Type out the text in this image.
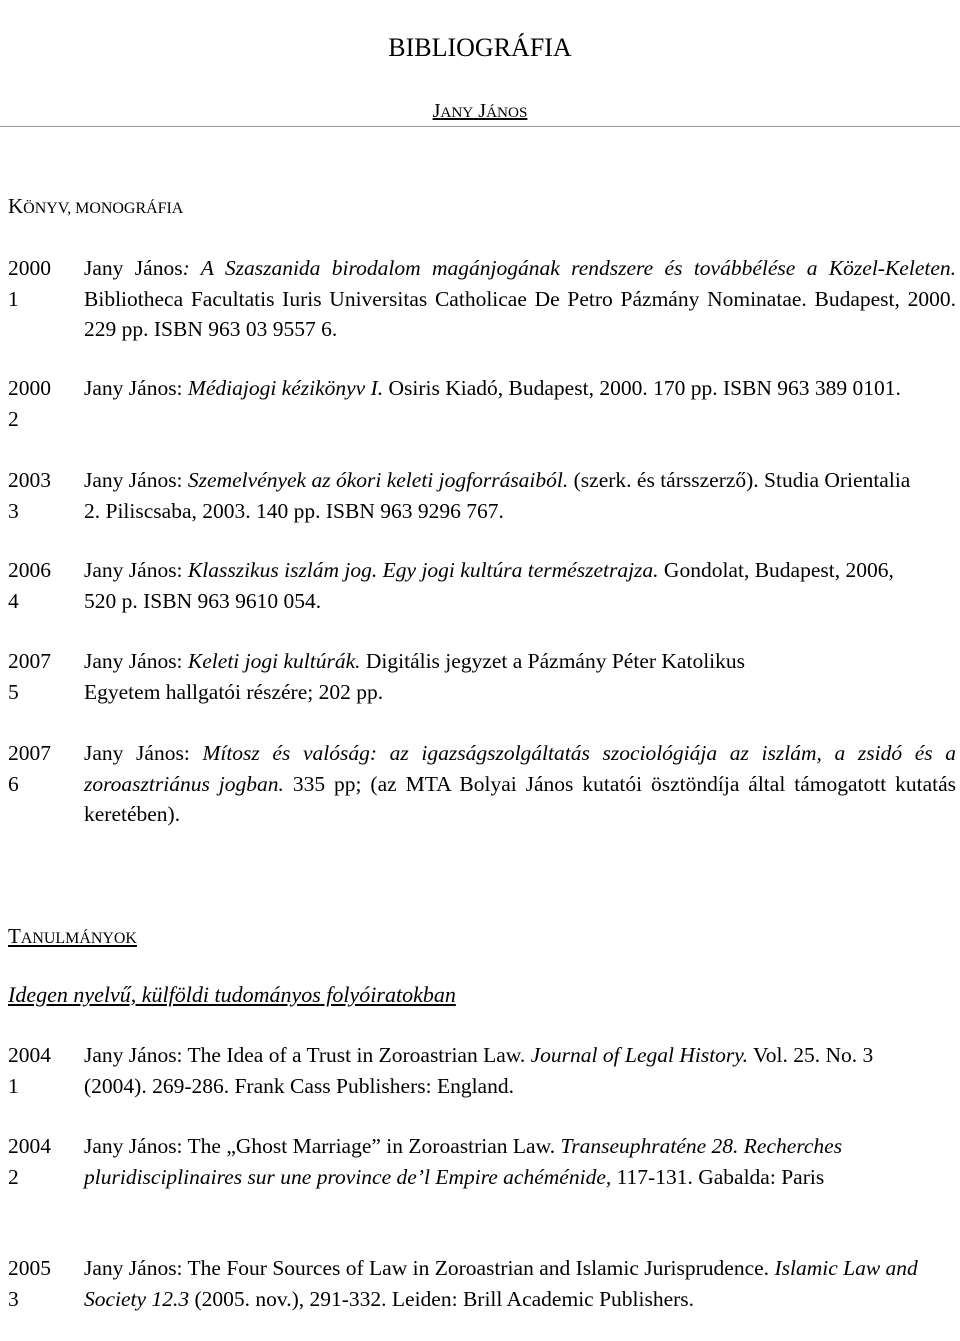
BIBLIOGRÁFIA
JANY JÁNOS
KÖNYV, MONOGRÁFIA
2000
1
Jany János: A Szaszanida birodalom magánjogának rendszere és továbbélése a Közel-Keleten. Bibliotheca Facultatis Iuris Universitas Catholicae De Petro Pázmány Nominatae. Budapest, 2000. 229 pp. ISBN 963 03 9557 6.
2000
2
Jany János: Médiajogi kézikönyv I. Osiris Kiadó, Budapest, 2000. 170 pp. ISBN 963 389 0101.
2003
3
Jany János: Szemelvények az ókori keleti jogforrásaiból. (szerk. és társszerző). Studia Orientalia 2. Piliscsaba, 2003. 140 pp. ISBN 963 9296 767.
2006
4
Jany János: Klasszikus iszlám jog. Egy jogi kultúra természetrajza. Gondolat, Budapest, 2006, 520 p. ISBN 963 9610 054.
2007
5
Jany János: Keleti jogi kultúrák. Digitális jegyzet a Pázmány Péter Katolikus Egyetem hallgatói részére; 202 pp.
2007
6
Jany János: Mítosz és valóság: az igazságszolgáltatás szociológiája az iszlám, a zsidó és a zoroasztriánus jogban. 335 pp; (az MTA Bolyai János kutatói ösztöndíja által támogatott kutatás keretében).
TANULMÁNYOK
Idegen nyelvű, külföldi tudományos folyóiratokban
2004
1
Jany János: The Idea of a Trust in Zoroastrian Law. Journal of Legal History. Vol. 25. No. 3 (2004). 269-286. Frank Cass Publishers: England.
2004
2
Jany János: The „Ghost Marriage” in Zoroastrian Law. Transeuphraténe 28. Recherches pluridisciplinaires sur une province de’l Empire achéménide, 117-131. Gabalda: Paris
2005
3
Jany János: The Four Sources of Law in Zoroastrian and Islamic Jurisprudence. Islamic Law and Society 12.3 (2005. nov.), 291-332. Leiden: Brill Academic Publishers.
